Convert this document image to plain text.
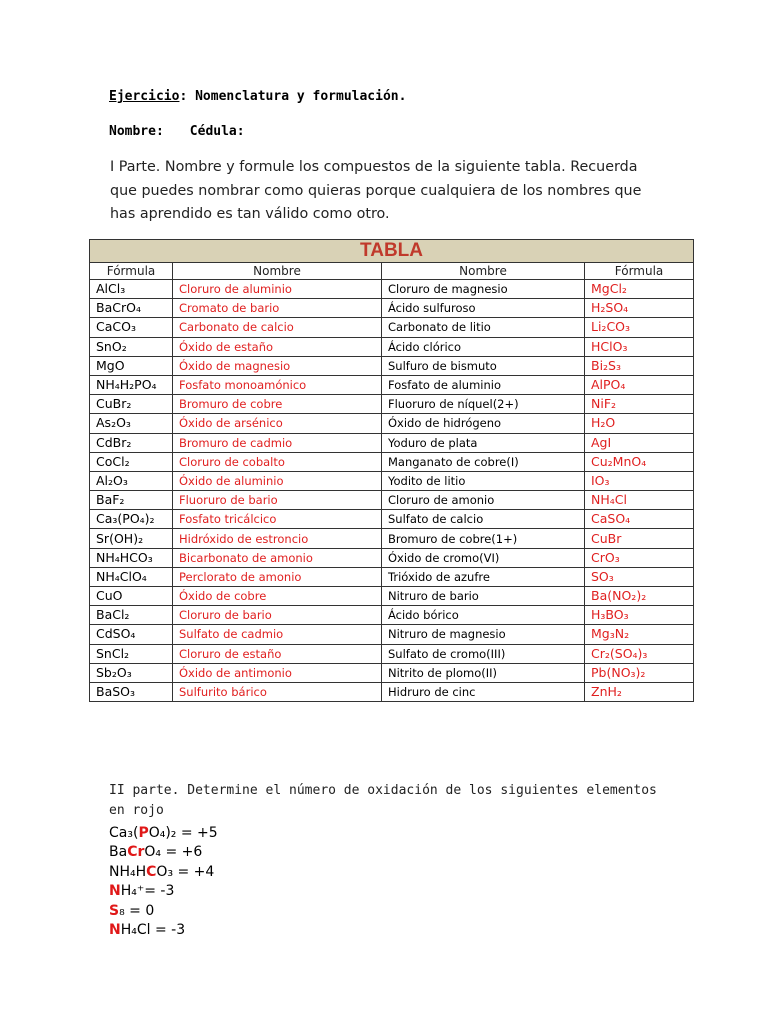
Ejercicio: Nomenclatura y formulación.
Nombre: Cédula:
I Parte. Nombre y formule los compuestos de la siguiente tabla. Recuerda que puedes nombrar como quieras porque cualquiera de los nombres que has aprendido es tan válido como otro.
TABLA			
Fórmula	Nombre	Nombre	Fórmula
AlCl₃	Cloruro de aluminio	Cloruro de magnesio	MgCl₂
BaCrO₄	Cromato de bario	Ácido sulfuroso	H₂SO₄
CaCO₃	Carbonato de calcio	Carbonato de litio	Li₂CO₃
SnO₂	Óxido de estaño	Ácido clórico	HClO₃
MgO	Óxido de magnesio	Sulfuro de bismuto	Bi₂S₃
NH₄H₂PO₄	Fosfato monoamónico	Fosfato de aluminio	AlPO₄
CuBr₂	Bromuro de cobre	Fluoruro de níquel(2+)	NiF₂
As₂O₃	Óxido de arsénico	Óxido de hidrógeno	H₂O
CdBr₂	Bromuro de cadmio	Yoduro de plata	AgI
CoCl₂	Cloruro de cobalto	Manganato de cobre(I)	Cu₂MnO₄
Al₂O₃	Óxido de aluminio	Yodito de litio	IO₃
BaF₂	Fluoruro de bario	Cloruro de amonio	NH₄Cl
Ca₃(PO₄)₂	Fosfato tricálcico	Sulfato de calcio	CaSO₄
Sr(OH)₂	Hidróxido de estroncio	Bromuro de cobre(1+)	CuBr
NH₄HCO₃	Bicarbonato de amonio	Óxido de cromo(VI)	CrO₃
NH₄ClO₄	Perclorato de amonio	Trióxido de azufre	SO₃
CuO	Óxido de cobre	Nitruro de bario	Ba(NO₂)₂
BaCl₂	Cloruro de bario	Ácido bórico	H₃BO₃
CdSO₄	Sulfato de cadmio	Nitruro de magnesio	Mg₃N₂
SnCl₂	Cloruro de estaño	Sulfato de cromo(III)	Cr₂(SO₄)₃
Sb₂O₃	Óxido de antimonio	Nitrito de plomo(II)	Pb(NO₃)₂
BaSO₃	Sulfurito bárico	Hidruro de cinc	ZnH₂
II parte. Determine el número de oxidación de los siguientes elementos en rojo
Ca₃(PO₄)₂ = +5
BaCrO₄ = +6
NH₄HCO₃ = +4
NH₄⁺= -3
S₈ = 0
NH₄Cl = -3
